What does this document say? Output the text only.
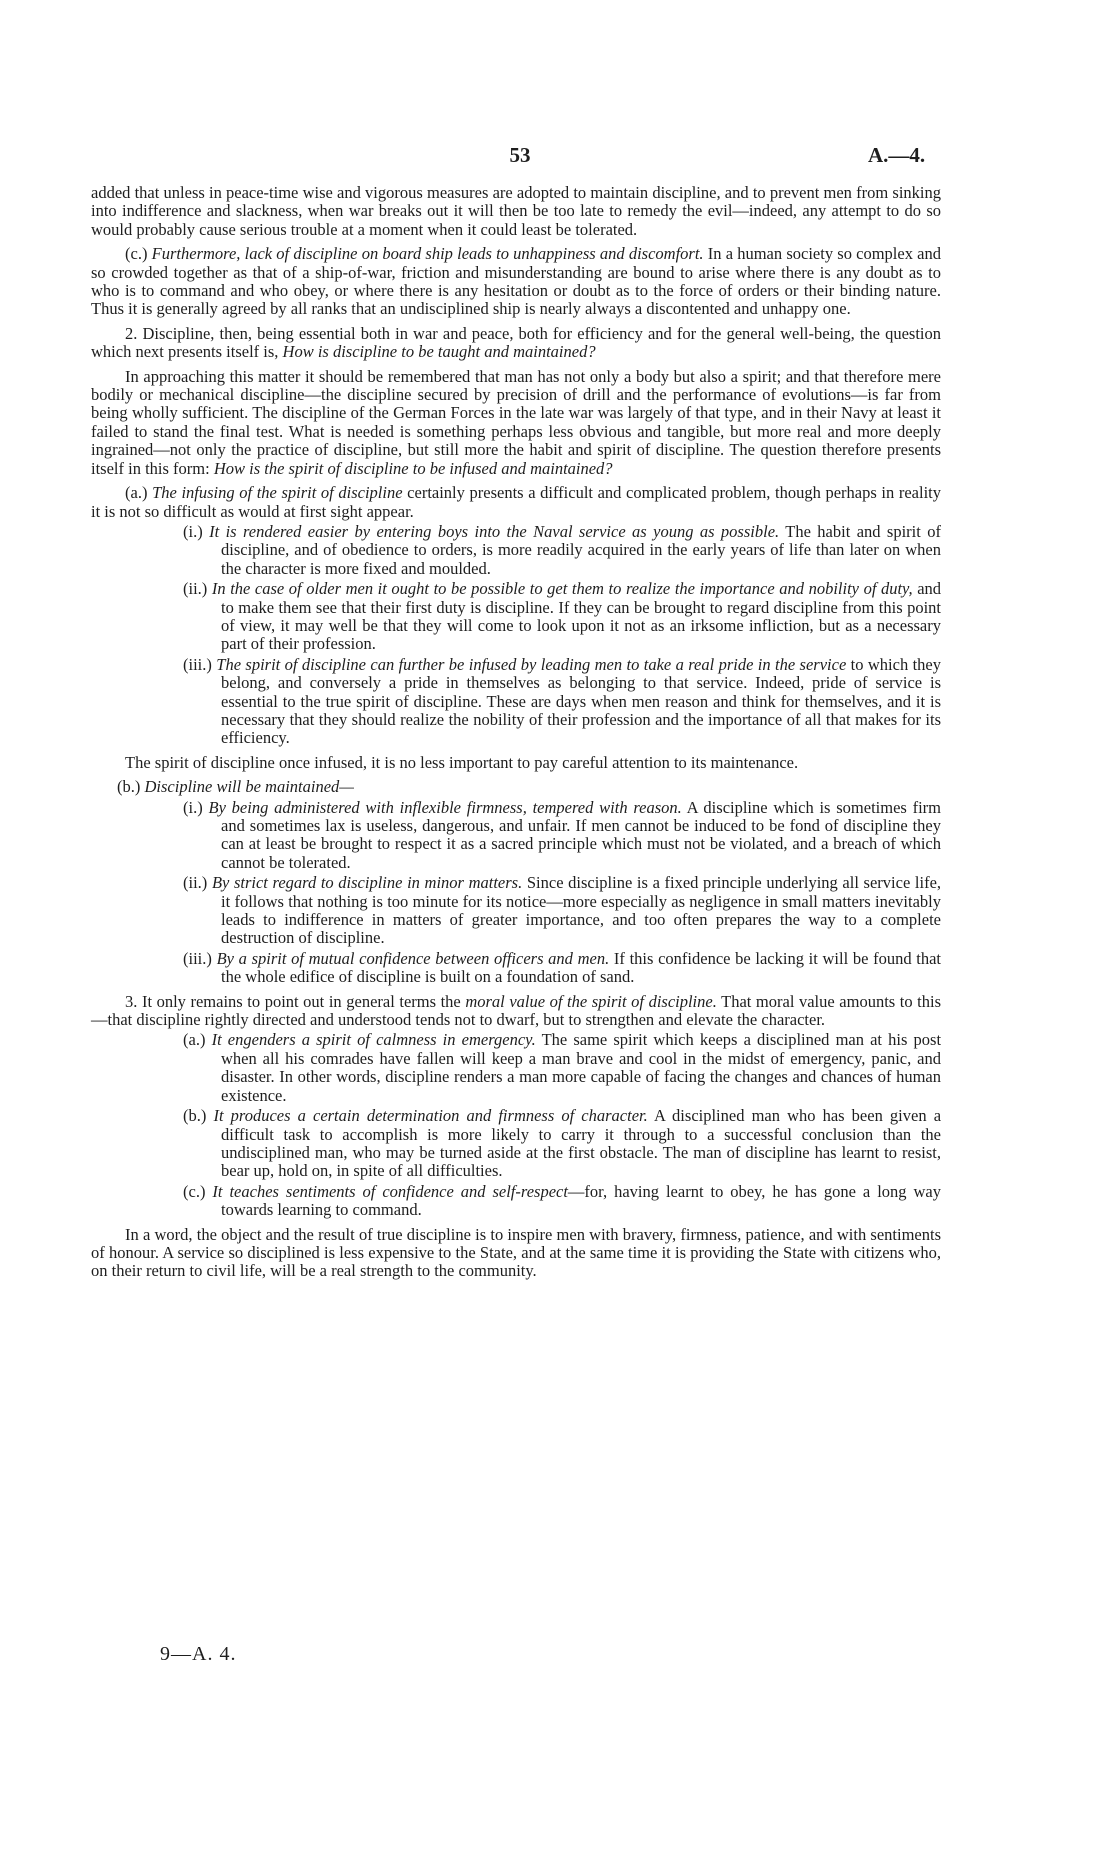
53	A.—4.

added that unless in peace-time wise and vigorous measures are adopted to maintain discipline, and to prevent men from sinking into indifference and slackness, when war breaks out it will then be too late to remedy the evil—indeed, any attempt to do so would probably cause serious trouble at a moment when it could least be tolerated.

(c.) Furthermore, lack of discipline on board ship leads to unhappiness and discomfort. In a human society so complex and so crowded together as that of a ship-of-war, friction and misunderstanding are bound to arise where there is any doubt as to who is to command and who obey, or where there is any hesitation or doubt as to the force of orders or their binding nature. Thus it is generally agreed by all ranks that an undisciplined ship is nearly always a discontented and unhappy one.

2. Discipline, then, being essential both in war and peace, both for efficiency and for the general well-being, the question which next presents itself is, How is discipline to be taught and maintained?

In approaching this matter it should be remembered that man has not only a body but also a spirit; and that therefore mere bodily or mechanical discipline—the discipline secured by precision of drill and the performance of evolutions—is far from being wholly sufficient. The discipline of the German Forces in the late war was largely of that type, and in their Navy at least it failed to stand the final test. What is needed is something perhaps less obvious and tangible, but more real and more deeply ingrained—not only the practice of discipline, but still more the habit and spirit of discipline. The question therefore presents itself in this form: How is the spirit of discipline to be infused and maintained?

(a.) The infusing of the spirit of discipline certainly presents a difficult and complicated problem, though perhaps in reality it is not so difficult as would at first sight appear.

(i.) It is rendered easier by entering boys into the Naval service as young as possible. The habit and spirit of discipline, and of obedience to orders, is more readily acquired in the early years of life than later on when the character is more fixed and moulded.

(ii.) In the case of older men it ought to be possible to get them to realize the importance and nobility of duty, and to make them see that their first duty is discipline. If they can be brought to regard discipline from this point of view, it may well be that they will come to look upon it not as an irksome infliction, but as a necessary part of their profession.

(iii.) The spirit of discipline can further be infused by leading men to take a real pride in the service to which they belong, and conversely a pride in themselves as belonging to that service. Indeed, pride of service is essential to the true spirit of discipline. These are days when men reason and think for themselves, and it is necessary that they should realize the nobility of their profession and the importance of all that makes for its efficiency.

The spirit of discipline once infused, it is no less important to pay careful attention to its maintenance.

(b.) Discipline will be maintained—

(i.) By being administered with inflexible firmness, tempered with reason. A discipline which is sometimes firm and sometimes lax is useless, dangerous, and unfair. If men cannot be induced to be fond of discipline they can at least be brought to respect it as a sacred principle which must not be violated, and a breach of which cannot be tolerated.

(ii.) By strict regard to discipline in minor matters. Since discipline is a fixed principle underlying all service life, it follows that nothing is too minute for its notice—more especially as negligence in small matters inevitably leads to indifference in matters of greater importance, and too often prepares the way to a complete destruction of discipline.

(iii.) By a spirit of mutual confidence between officers and men. If this confidence be lacking it will be found that the whole edifice of discipline is built on a foundation of sand.

3. It only remains to point out in general terms the moral value of the spirit of discipline. That moral value amounts to this—that discipline rightly directed and understood tends not to dwarf, but to strengthen and elevate the character.

(a.) It engenders a spirit of calmness in emergency. The same spirit which keeps a disciplined man at his post when all his comrades have fallen will keep a man brave and cool in the midst of emergency, panic, and disaster. In other words, discipline renders a man more capable of facing the changes and chances of human existence.

(b.) It produces a certain determination and firmness of character. A disciplined man who has been given a difficult task to accomplish is more likely to carry it through to a successful conclusion than the undisciplined man, who may be turned aside at the first obstacle. The man of discipline has learnt to resist, bear up, hold on, in spite of all difficulties.

(c.) It teaches sentiments of confidence and self-respect—for, having learnt to obey, he has gone a long way towards learning to command.

In a word, the object and the result of true discipline is to inspire men with bravery, firmness, patience, and with sentiments of honour. A service so disciplined is less expensive to the State, and at the same time it is providing the State with citizens who, on their return to civil life, will be a real strength to the community.

9—A. 4.
